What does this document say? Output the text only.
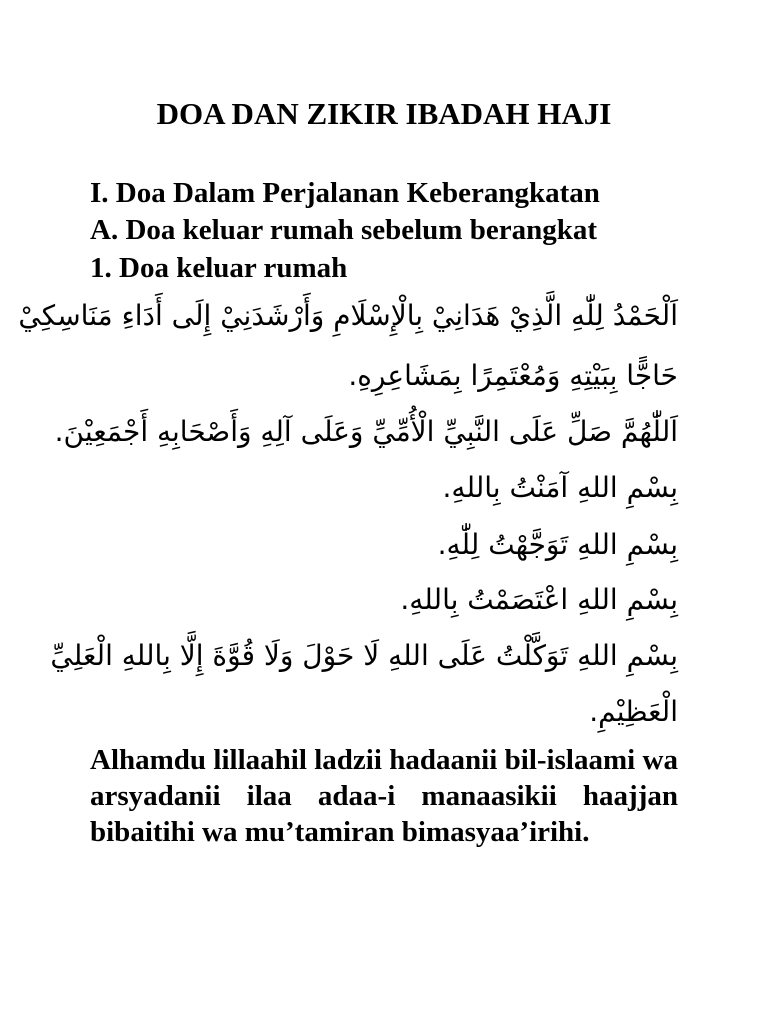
DOA DAN ZIKIR IBADAH HAJI
I. Doa Dalam Perjalanan Keberangkatan
A. Doa keluar rumah sebelum berangkat
1. Doa keluar rumah
اَلْحَمْدُ لِلّٰهِ الَّذِيْ هَدَانِيْ بِالْإِسْلَامِ وَأَرْشَدَنِيْ إِلَى أَدَاءِ مَنَاسِكِيْ
حَاجًّا بِبَيْتِهِ وَمُعْتَمِرًا بِمَشَاعِرِهِ.
اَللّٰهُمَّ صَلِّ عَلَى النَّبِيِّ الْأُمِّيِّ وَعَلَى آلِهِ وَأَصْحَابِهِ أَجْمَعِيْنَ.
بِسْمِ اللهِ آمَنْتُ بِاللهِ.
بِسْمِ اللهِ تَوَجَّهْتُ لِلّٰهِ.
بِسْمِ اللهِ اعْتَصَمْتُ بِاللهِ.
بِسْمِ اللهِ تَوَكَّلْتُ عَلَى اللهِ لَا حَوْلَ وَلَا قُوَّةَ إِلَّا بِاللهِ الْعَلِيِّ
الْعَظِيْمِ.
Alhamdu lillaahil ladzii hadaanii bil-islaami wa arsyadanii ilaa adaa-i manaasikii haajjan bibaitihi wa mu’tamiran bimasyaa’irihi.
